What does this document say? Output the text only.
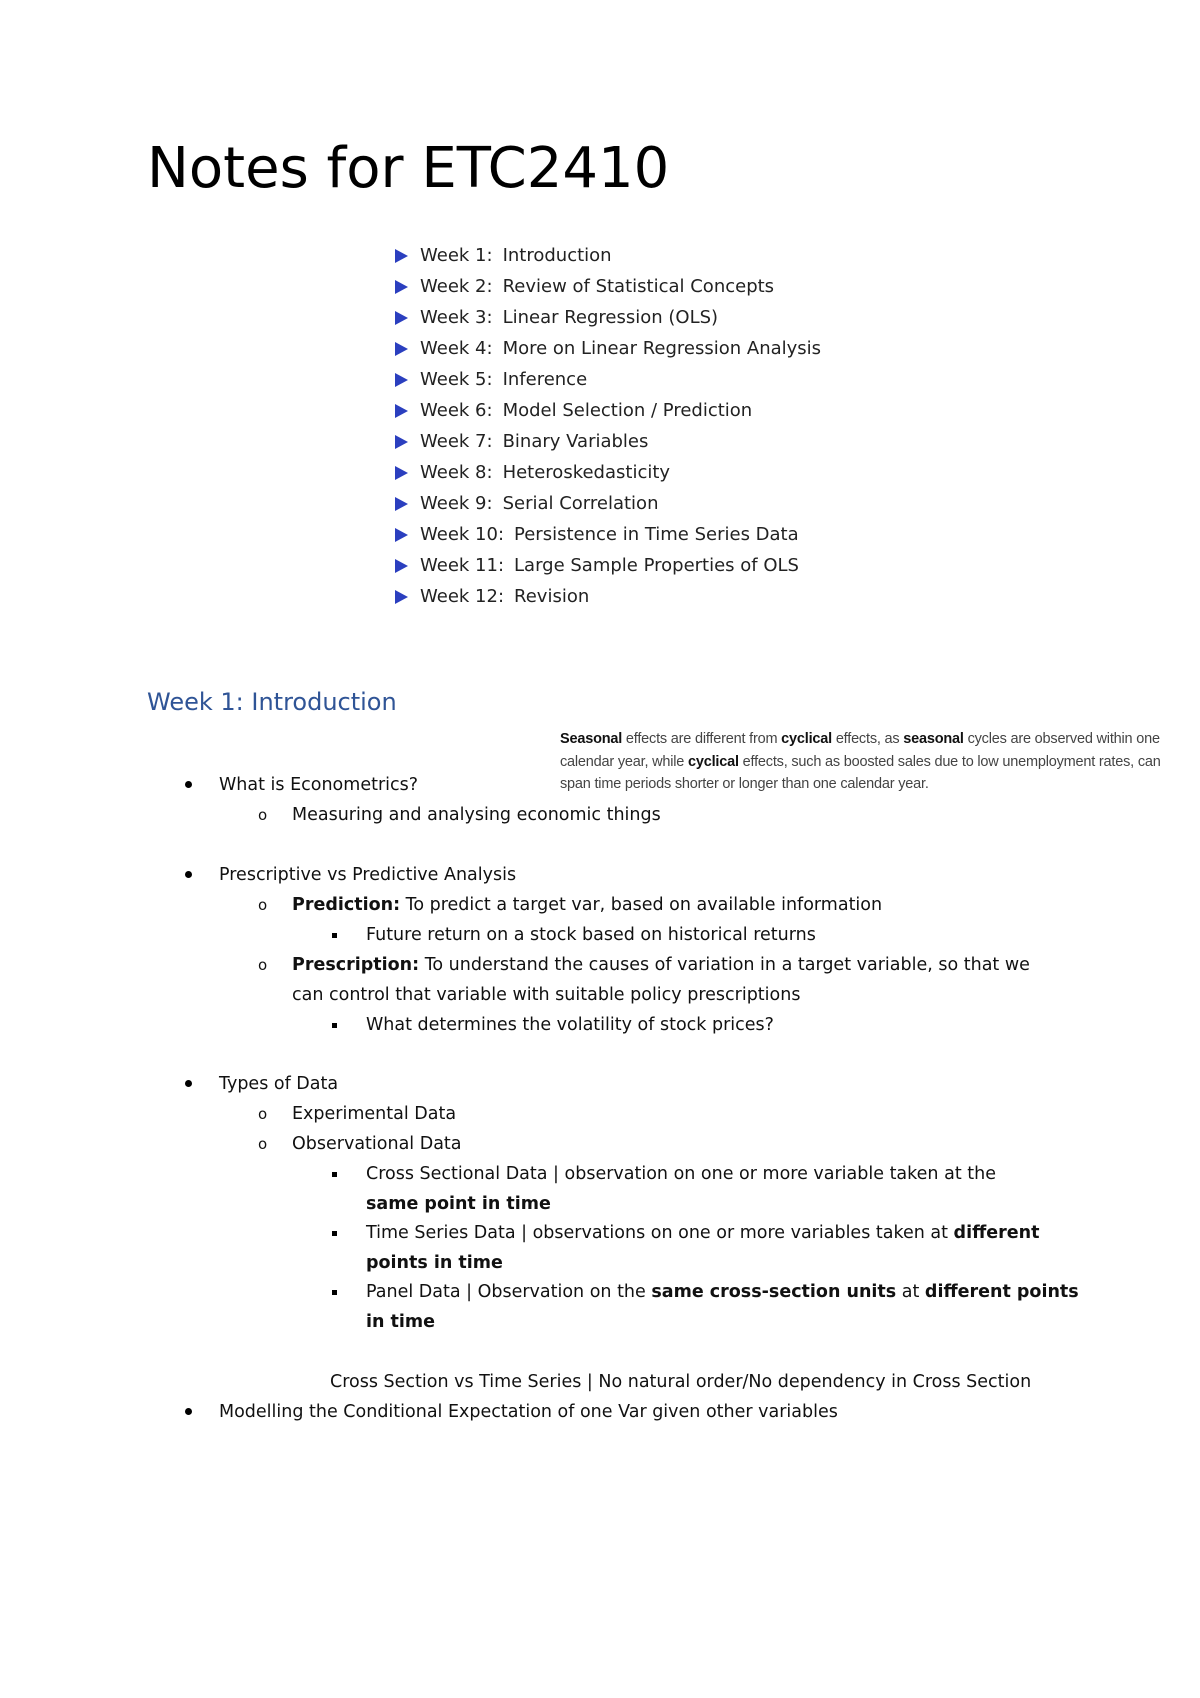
Notes for ETC2410
Week 1: Introduction
Week 2: Review of Statistical Concepts
Week 3: Linear Regression (OLS)
Week 4: More on Linear Regression Analysis
Week 5: Inference
Week 6: Model Selection / Prediction
Week 7: Binary Variables
Week 8: Heteroskedasticity
Week 9: Serial Correlation
Week 10: Persistence in Time Series Data
Week 11: Large Sample Properties of OLS
Week 12: Revision
Week 1: Introduction
Seasonal effects are different from cyclical effects, as seasonal cycles are observed within one calendar year, while cyclical effects, such as boosted sales due to low unemployment rates, can span time periods shorter or longer than one calendar year.
What is Econometrics?
o Measuring and analysing economic things
Prescriptive vs Predictive Analysis
o Prediction: To predict a target var, based on available information
Future return on a stock based on historical returns
o Prescription: To understand the causes of variation in a target variable, so that we
can control that variable with suitable policy prescriptions
What determines the volatility of stock prices?
Types of Data
o Experimental Data
o Observational Data
Cross Sectional Data | observation on one or more variable taken at the
same point in time
Time Series Data | observations on one or more variables taken at different
points in time
Panel Data | Observation on the same cross-section units at different points
in time
Cross Section vs Time Series | No natural order/No dependency in Cross Section
Modelling the Conditional Expectation of one Var given other variables
